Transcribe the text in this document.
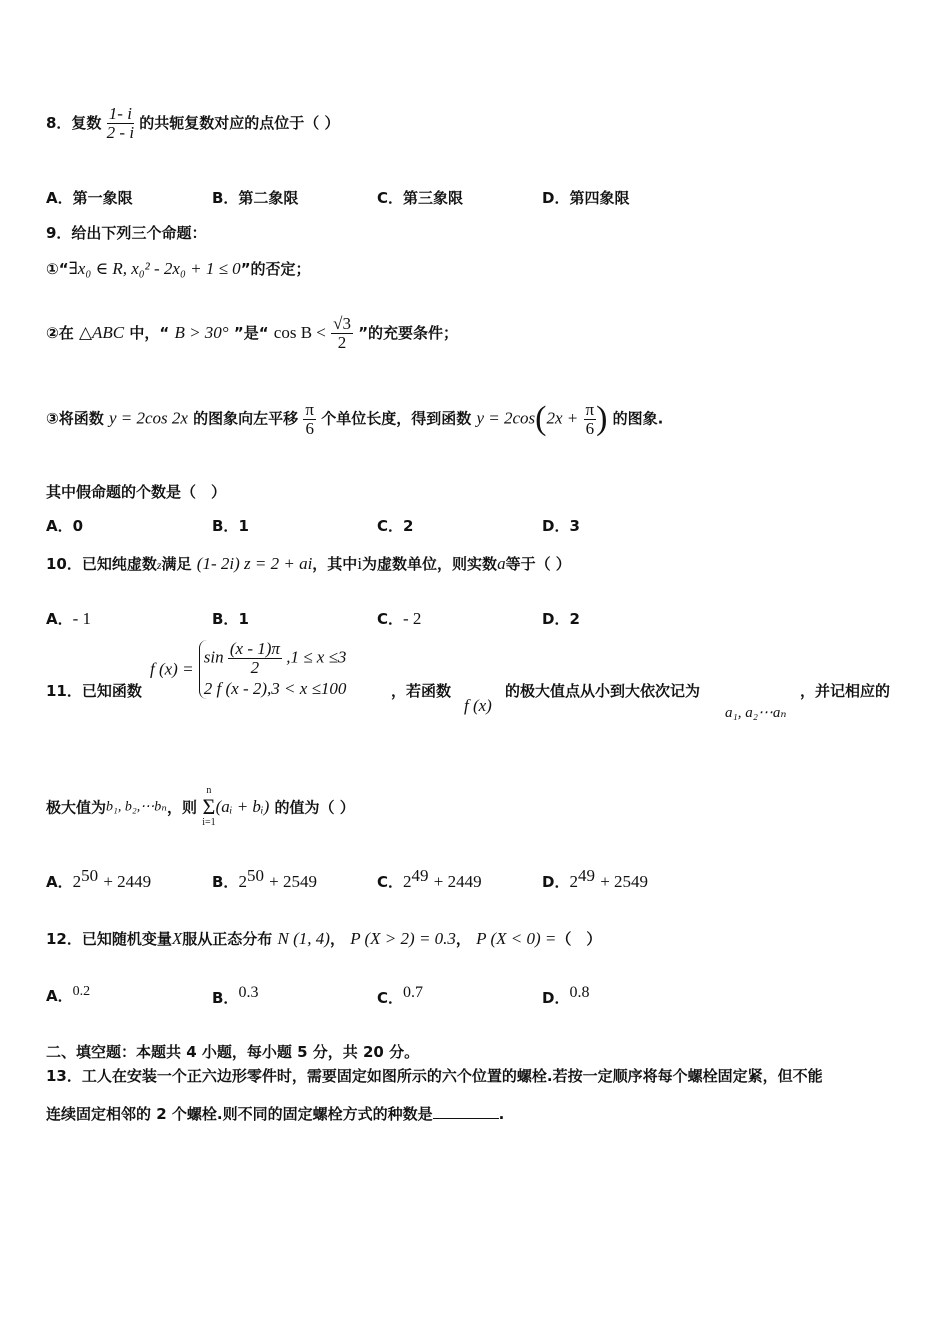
8．复数 $\frac{1- i}{2 - i}$ 的共轭复数对应的点位于（ ）
A．第一象限	B．第二象限	C．第三象限	D．第四象限
9．给出下列三个命题：
①“∃x₀ ∈ R, x₀² - 2x₀ + 1 ≤ 0”的否定；
②在 △ABC 中，“ B > 30° ”是“ $\cos B < \frac{√3}{2}$ ”的充要条件；
③将函数 y = 2cos 2x 的图象向左平移 $\frac{\pi}{6}$ 个单位长度，得到函数 $y = 2\cos(2x + \frac{\pi}{6}$ ) 的图象.
其中假命题的个数是（　）
A．0	B．1	C．2	D．3
10．已知纯虚数z满足 (1- 2i) z = 2 + ai，其中i为虚数单位，则实数a等于（ ）
A．- 1	B．1	C．- 2	D．2
11．已知函数
f (x) =
$\sin \frac{(x - 1)\pi}{2} ,1 \le x \le 3$
2 f (x - 2),3 < x ≤100	，若函数
f (x)
的极大值点从小到大依次记为
a₁, a₂⋯aₙ
，并记相应的
极大值为b₁, b₂,⋯bₙ，则
n
Σ
i=1
(aᵢ + bᵢ) 的值为（ ）
A．250 + 2449	B．250 + 2549	C．249 + 2449	D．249 + 2549
12．已知随机变量X服从正态分布 N (1, 4)， P (X > 2) = 0.3， P (X < 0) =（　）
A．0.2	B．0.3	C．0.7	D．0.8
二、填空题：本题共 4 小题，每小题 5 分，共 20 分。
13．工人在安装一个正六边形零件时，需要固定如图所示的六个位置的螺栓.若按一定顺序将每个螺栓固定紧，但不能
连续固定相邻的 2 个螺栓.则不同的固定螺栓方式的种数是	.
